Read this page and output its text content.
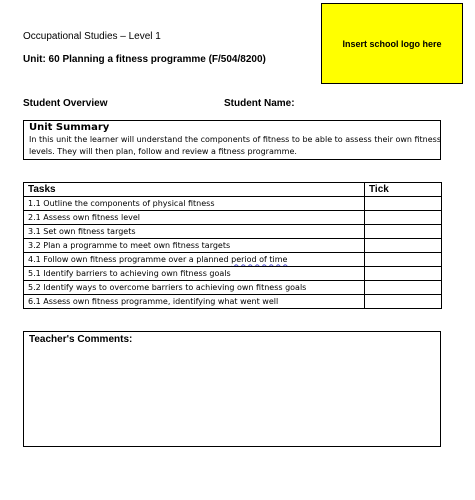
Occupational Studies – Level 1
Unit: 60 Planning a fitness programme (F/504/8200)
Insert school logo here
Student Overview	Student Name:
Unit Summary
In this unit the learner will understand the components of fitness to be able to assess their own fitness levels. They will then plan, follow and review a fitness programme.
Tasks	Tick
1.1 Outline the components of physical fitness	
2.1 Assess own fitness level	
3.1 Set own fitness targets	
3.2 Plan a programme to meet own fitness targets	
4.1 Follow own fitness programme over a planned period of time	
5.1 Identify barriers to achieving own fitness goals	
5.2 Identify ways to overcome barriers to achieving own fitness goals	
6.1 Assess own fitness programme, identifying what went well	
Teacher's Comments:
